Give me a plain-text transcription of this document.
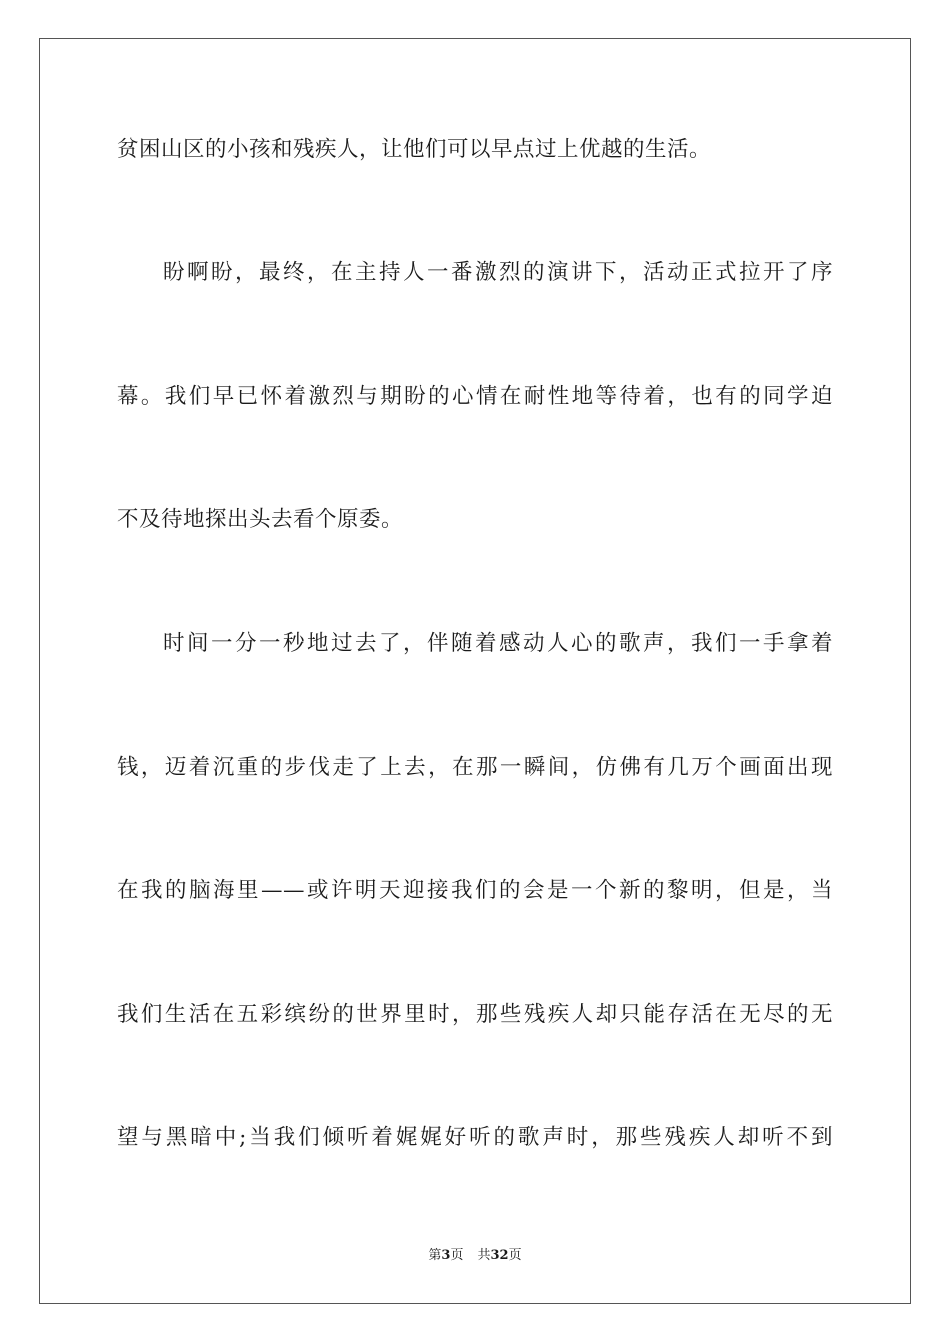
贫困山区的小孩和残疾人，让他们可以早点过上优越的生活。
盼啊盼，最终，在主持人一番激烈的演讲下，活动正式拉开了序
幕。我们早已怀着激烈与期盼的心情在耐性地等待着，也有的同学迫
不及待地探出头去看个原委。
时间一分一秒地过去了，伴随着感动人心的歌声，我们一手拿着
钱，迈着沉重的步伐走了上去，在那一瞬间，仿佛有几万个画面出现
在我的脑海里——或许明天迎接我们的会是一个新的黎明，但是，当
我们生活在五彩缤纷的世界里时，那些残疾人却只能存活在无尽的无
望与黑暗中;当我们倾听着娓娓好听的歌声时，那些残疾人却听不到
第3页 共32页
